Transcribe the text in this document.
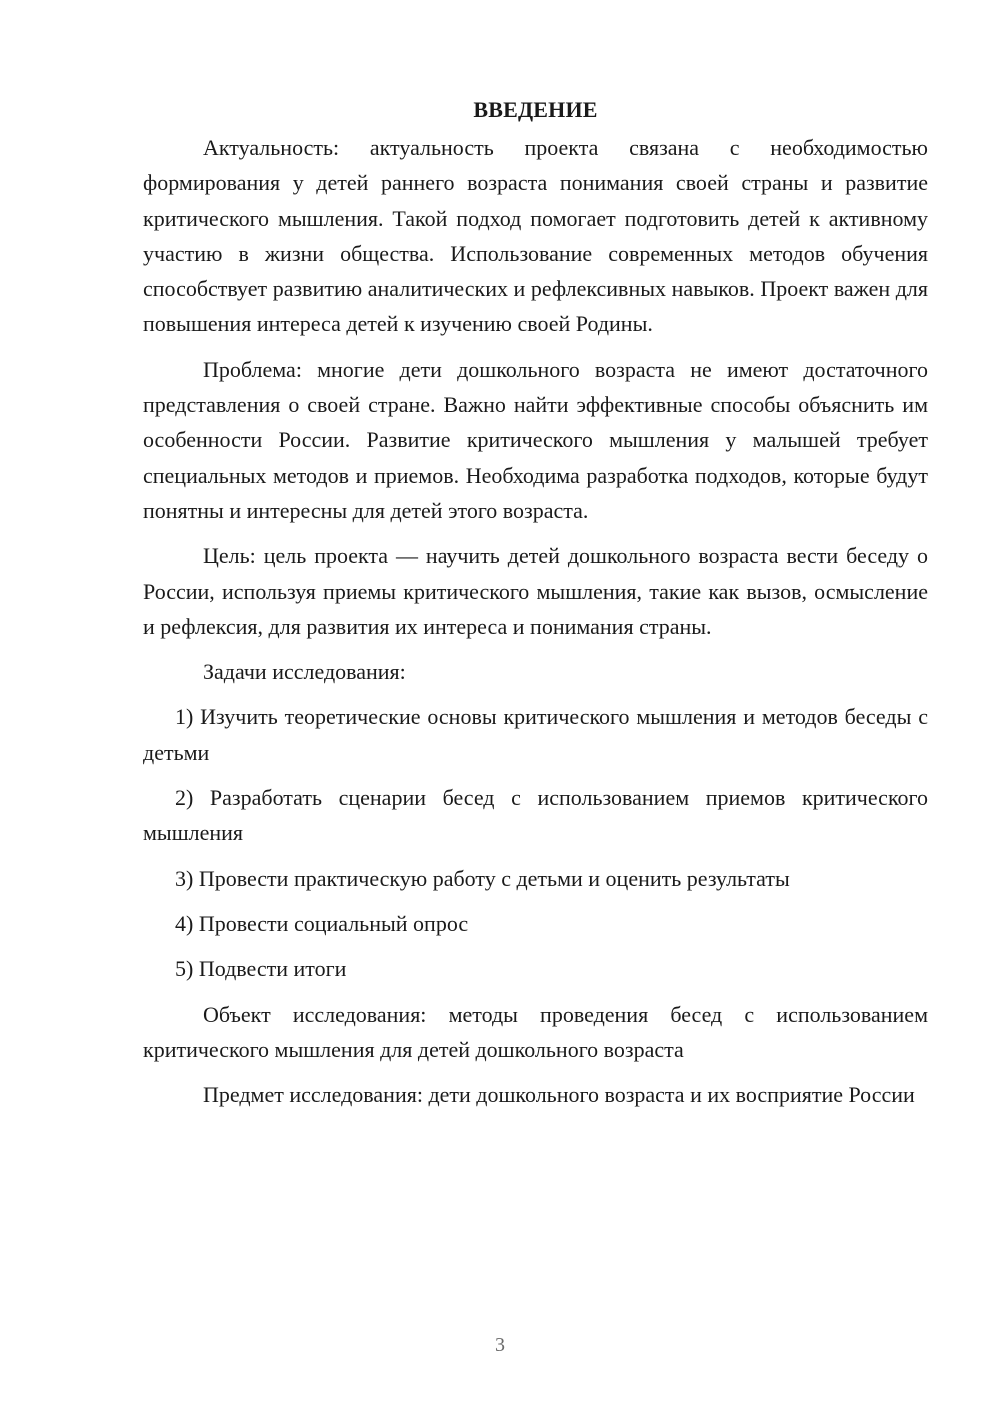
ВВЕДЕНИЕ

Актуальность: актуальность проекта связана с необходимостью формирования у детей раннего возраста понимания своей страны и развитие критического мышления. Такой подход помогает подготовить детей к активному участию в жизни общества. Использование современных методов обучения способствует развитию аналитических и рефлексивных навыков. Проект важен для повышения интереса детей к изучению своей Родины.

Проблема: многие дети дошкольного возраста не имеют достаточного представления о своей стране. Важно найти эффективные способы объяснить им особенности России. Развитие критического мышления у малышей требует специальных методов и приемов. Необходима разработка подходов, которые будут понятны и интересны для детей этого возраста.

Цель: цель проекта — научить детей дошкольного возраста вести беседу о России, используя приемы критического мышления, такие как вызов, осмысление и рефлексия, для развития их интереса и понимания страны.

Задачи исследования:

1) Изучить теоретические основы критического мышления и методов беседы с детьми

2) Разработать сценарии бесед с использованием приемов критического мышления

3) Провести практическую работу с детьми и оценить результаты

4) Провести социальный опрос

5) Подвести итоги

Объект исследования: методы проведения бесед с использованием критического мышления для детей дошкольного возраста

Предмет исследования: дети дошкольного возраста и их восприятие России

3
